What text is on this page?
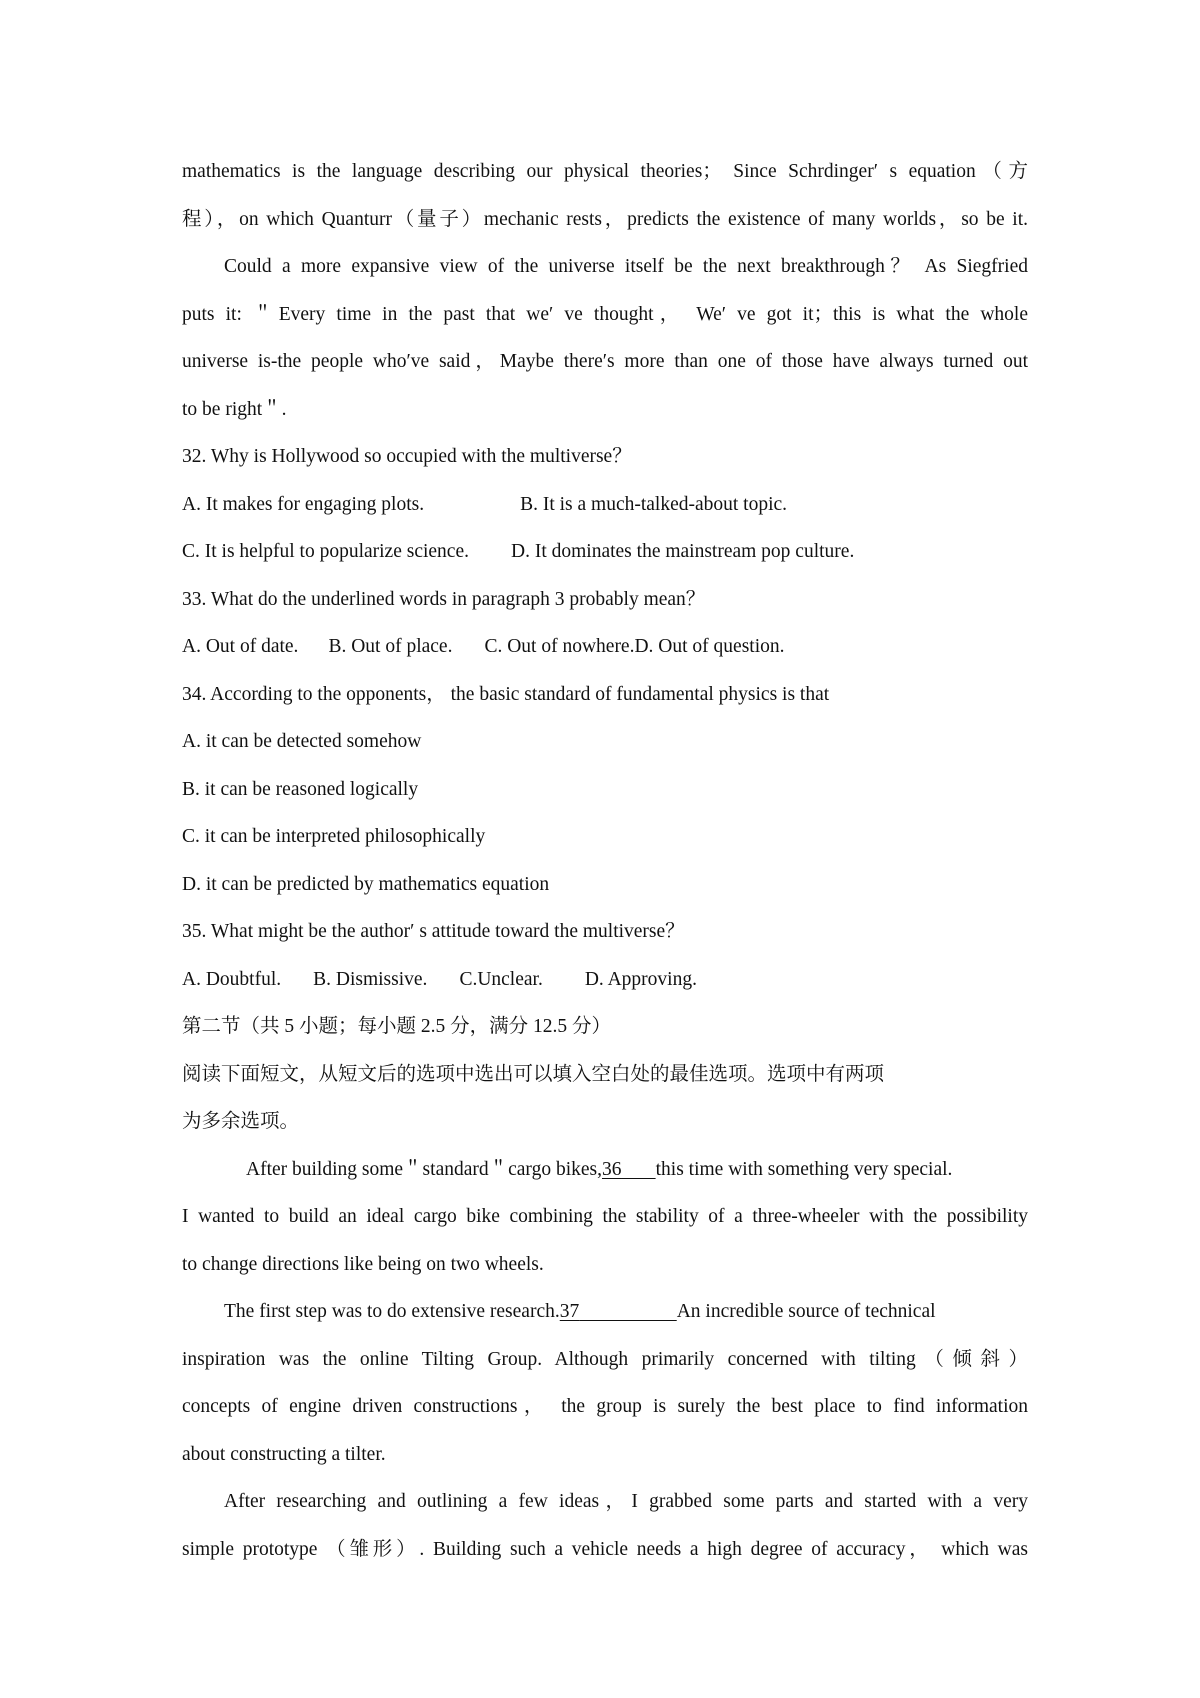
mathematics is the language describing our physical theories； Since Schrdinger′ s equation（方
程），on which Quanturr（量子）mechanic rests，predicts the existence of many worlds，so be it.
Could a more expansive view of the universe itself be the next breakthrough？ As Siegfried
puts it: ＂Every time in the past that we′ ve thought， We′ ve got it；this is what the whole
universe is-the people who′ve said，Maybe there′s more than one of those have always turned out
to be right＂.
32. Why is Hollywood so occupied with the multiverse？
A. It makes for engaging plots.	B. It is a much-talked-about topic.
C. It is helpful to popularize science. D. It dominates the mainstream pop culture.
33. What do the underlined words in paragraph 3 probably mean？
A. Out of date. B. Out of place. C. Out of nowhere.D. Out of question.
34. According to the opponents， the basic standard of fundamental physics is that
A. it can be detected somehow
B. it can be reasoned logically
C. it can be interpreted philosophically
D. it can be predicted by mathematics equation
35. What might be the author′ s attitude toward the multiverse？
A. Doubtful. B. Dismissive. C.Unclear. D. Approving.
第二节（共 5 小题；每小题 2.5 分，满分 12.5 分）
阅读下面短文，从短文后的选项中选出可以填入空白处的最佳选项。选项中有两项
为多余选项。
After building some＂standard＂cargo bikes,36 this time with something very special.
I wanted to build an ideal cargo bike combining the stability of a three-wheeler with the possibility
to change directions like being on two wheels.
The first step was to do extensive research.37	An incredible source of technical
inspiration was the online Tilting Group. Although primarily concerned with tilting（倾斜）
concepts of engine driven constructions， the group is surely the best place to find information
about constructing a tilter.
After researching and outlining a few ideas，I grabbed some parts and started with a very
simple prototype （雏形）. Building such a vehicle needs a high degree of accuracy， which was
